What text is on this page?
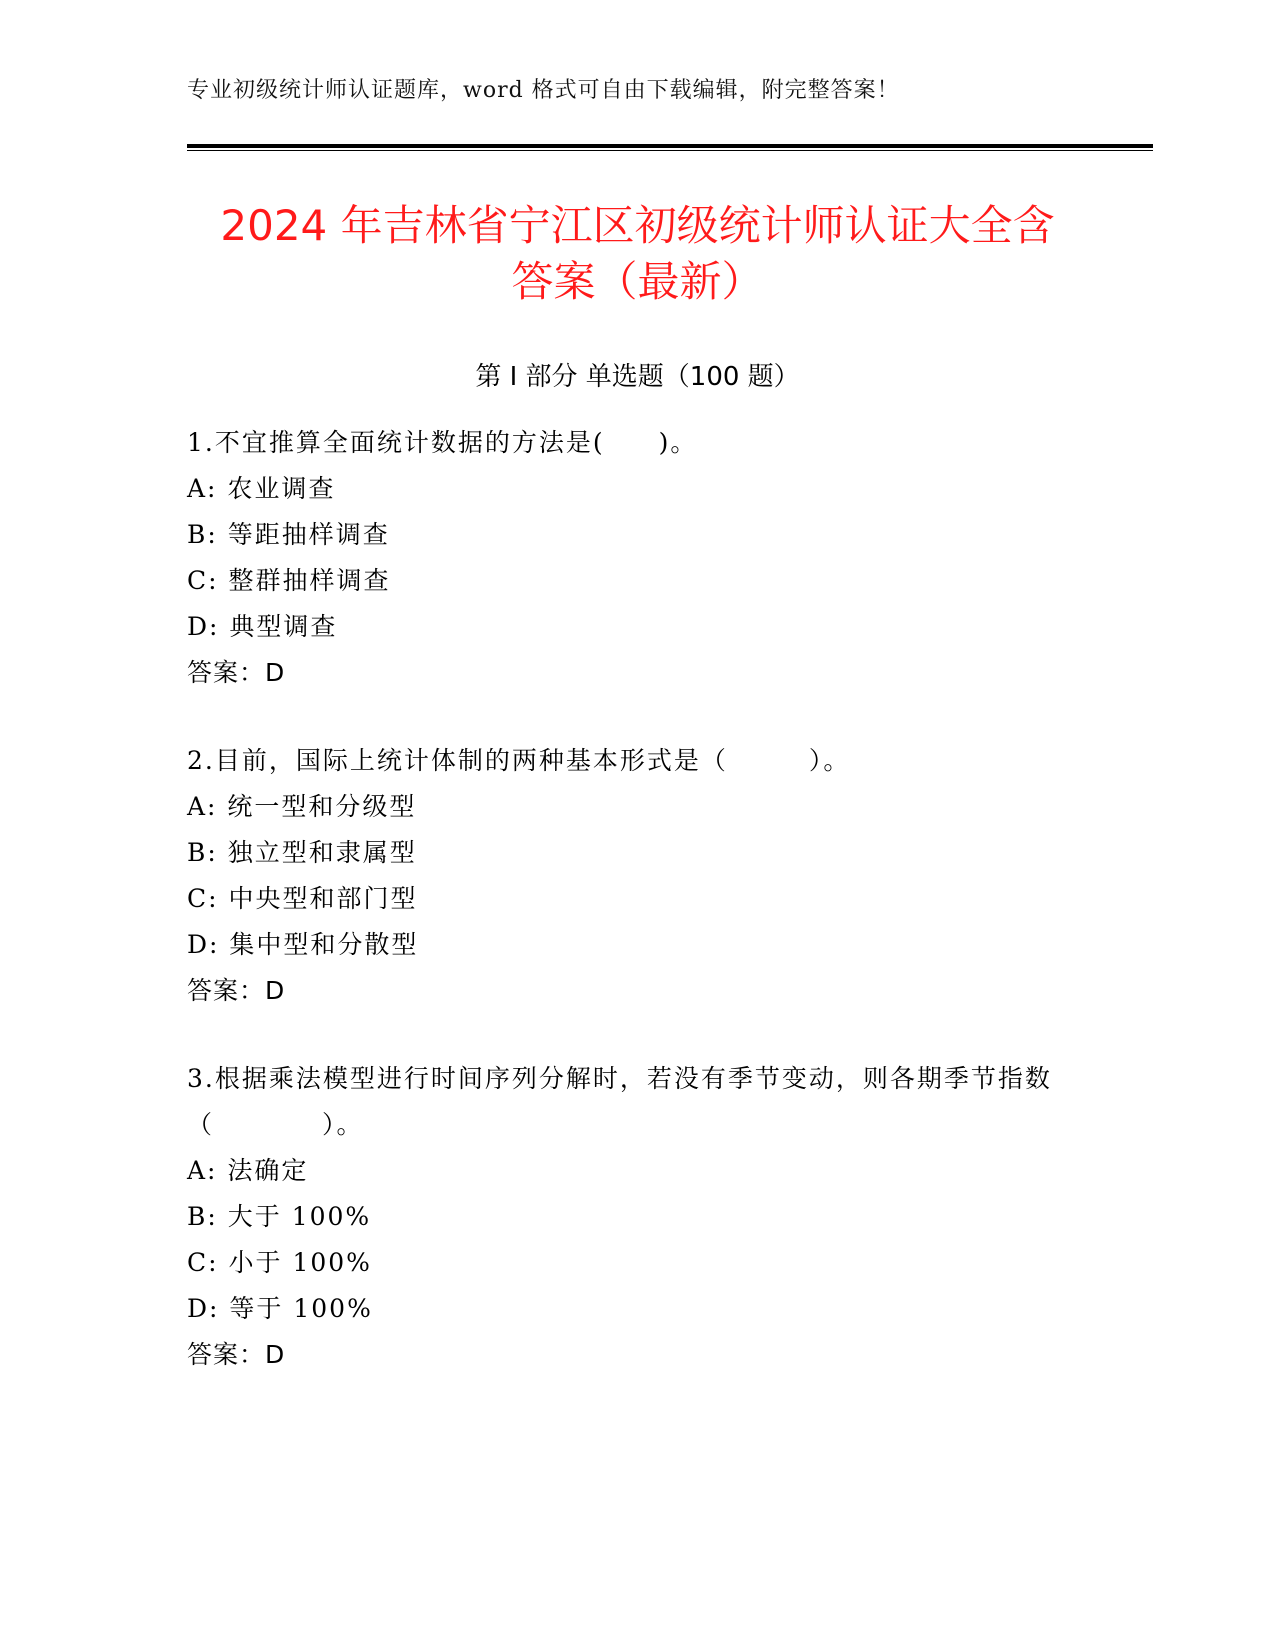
专业初级统计师认证题库，word 格式可自由下载编辑，附完整答案！
2024 年吉林省宁江区初级统计师认证大全含
答案（最新）
第 I 部分 单选题（100 题）
1.不宜推算全面统计数据的方法是(　　)。
A: 农业调查
B: 等距抽样调查
C: 整群抽样调查
D: 典型调查
答案：D
2.目前，国际上统计体制的两种基本形式是（　　　）。
A: 统一型和分级型
B: 独立型和隶属型
C: 中央型和部门型
D: 集中型和分散型
答案：D
3.根据乘法模型进行时间序列分解时，若没有季节变动，则各期季节指数（　　　　）。
A: 法确定
B: 大于 100%
C: 小于 100%
D: 等于 100%
答案：D
